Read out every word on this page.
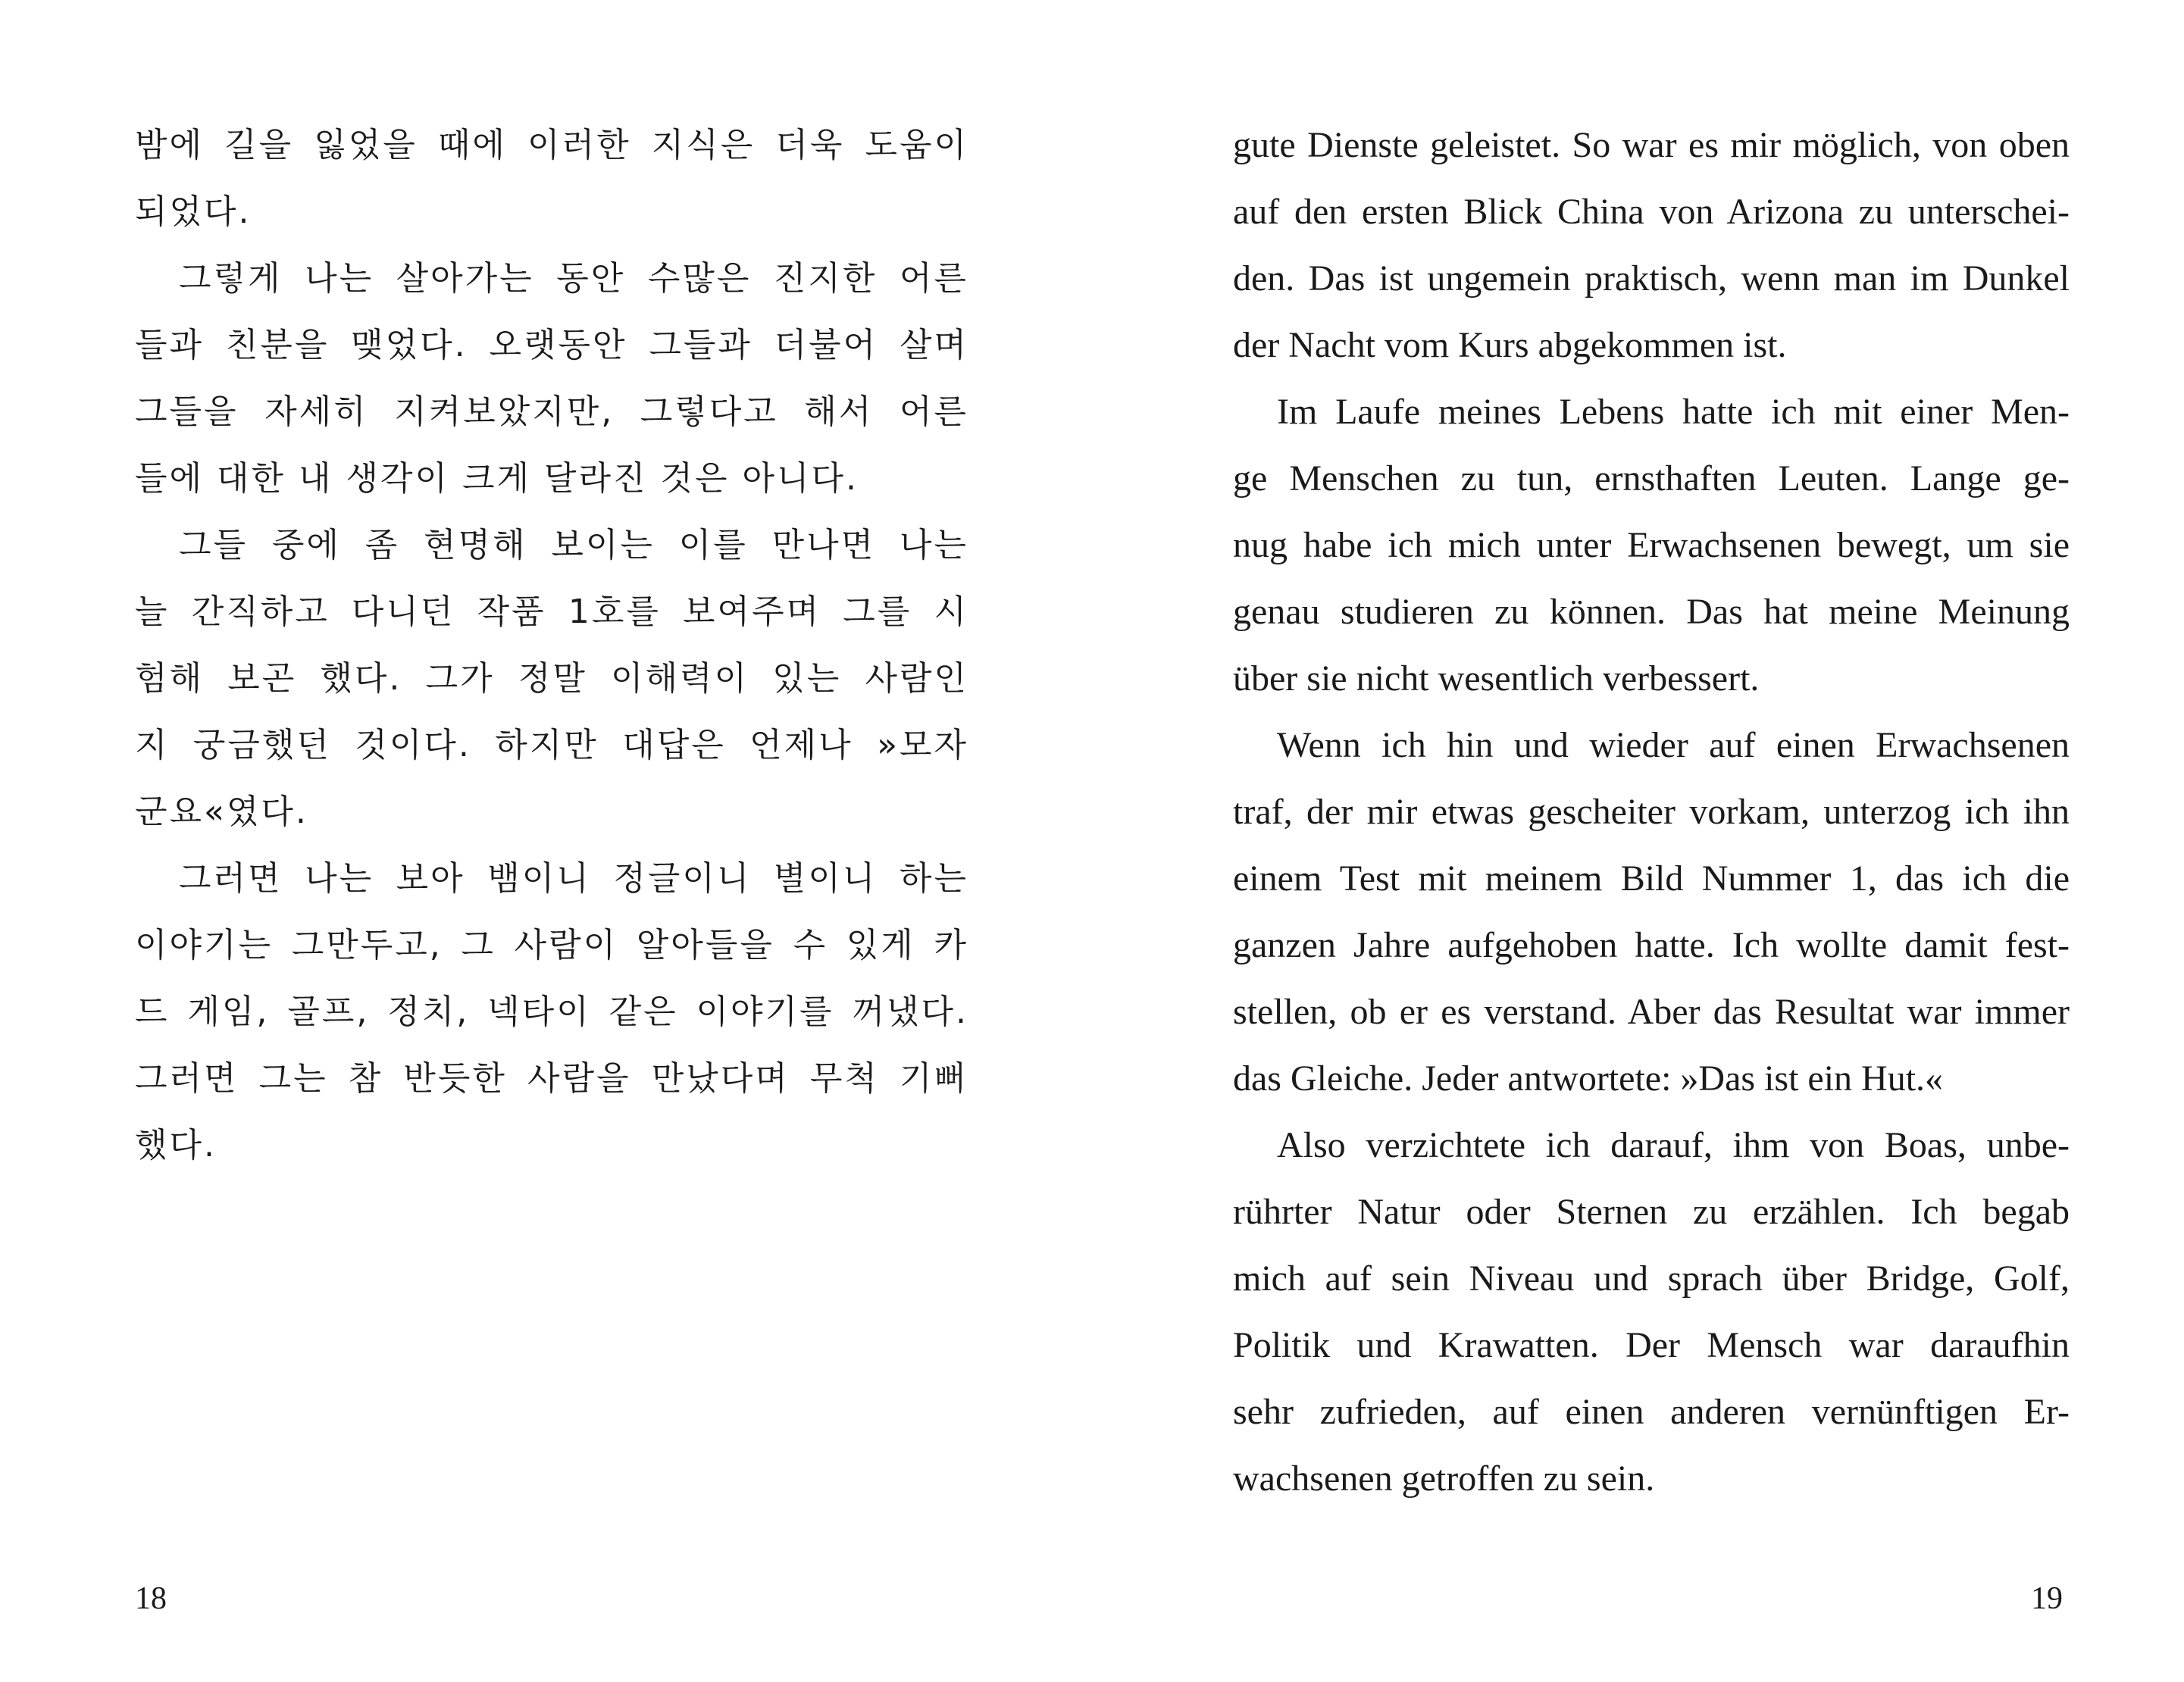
밤에 길을 잃었을 때에 이러한 지식은 더욱 도움이
되었다.
그렇게 나는 살아가는 동안 수많은 진지한 어른
들과 친분을 맺었다. 오랫동안 그들과 더불어 살며
그들을 자세히 지켜보았지만, 그렇다고 해서 어른
들에 대한 내 생각이 크게 달라진 것은 아니다.
그들 중에 좀 현명해 보이는 이를 만나면 나는
늘 간직하고 다니던 작품 1호를 보여주며 그를 시
험해 보곤 했다. 그가 정말 이해력이 있는 사람인
지 궁금했던 것이다. 하지만 대답은 언제나 »모자
군요«였다.
그러면 나는 보아 뱀이니 정글이니 별이니 하는
이야기는 그만두고, 그 사람이 알아들을 수 있게 카
드 게임, 골프, 정치, 넥타이 같은 이야기를 꺼냈다.
그러면 그는 참 반듯한 사람을 만났다며 무척 기뻐
했다.
18
gute Dienste geleistet. So war es mir möglich, von oben
auf den ersten Blick China von Arizona zu unterschei-
den. Das ist ungemein praktisch, wenn man im Dunkel
der Nacht vom Kurs abgekommen ist.
Im Laufe meines Lebens hatte ich mit einer Men-
ge Menschen zu tun, ernsthaften Leuten. Lange ge-
nug habe ich mich unter Erwachsenen bewegt, um sie
genau studieren zu können. Das hat meine Meinung
über sie nicht wesentlich verbessert.
Wenn ich hin und wieder auf einen Erwachsenen
traf, der mir etwas gescheiter vorkam, unterzog ich ihn
einem Test mit meinem Bild Nummer 1, das ich die
ganzen Jahre aufgehoben hatte. Ich wollte damit fest-
stellen, ob er es verstand. Aber das Resultat war immer
das Gleiche. Jeder antwortete: »Das ist ein Hut.«
Also verzichtete ich darauf, ihm von Boas, unbe-
rührter Natur oder Sternen zu erzählen. Ich begab
mich auf sein Niveau und sprach über Bridge, Golf,
Politik und Krawatten. Der Mensch war daraufhin
sehr zufrieden, auf einen anderen vernünftigen Er-
wachsenen getroffen zu sein.
19
